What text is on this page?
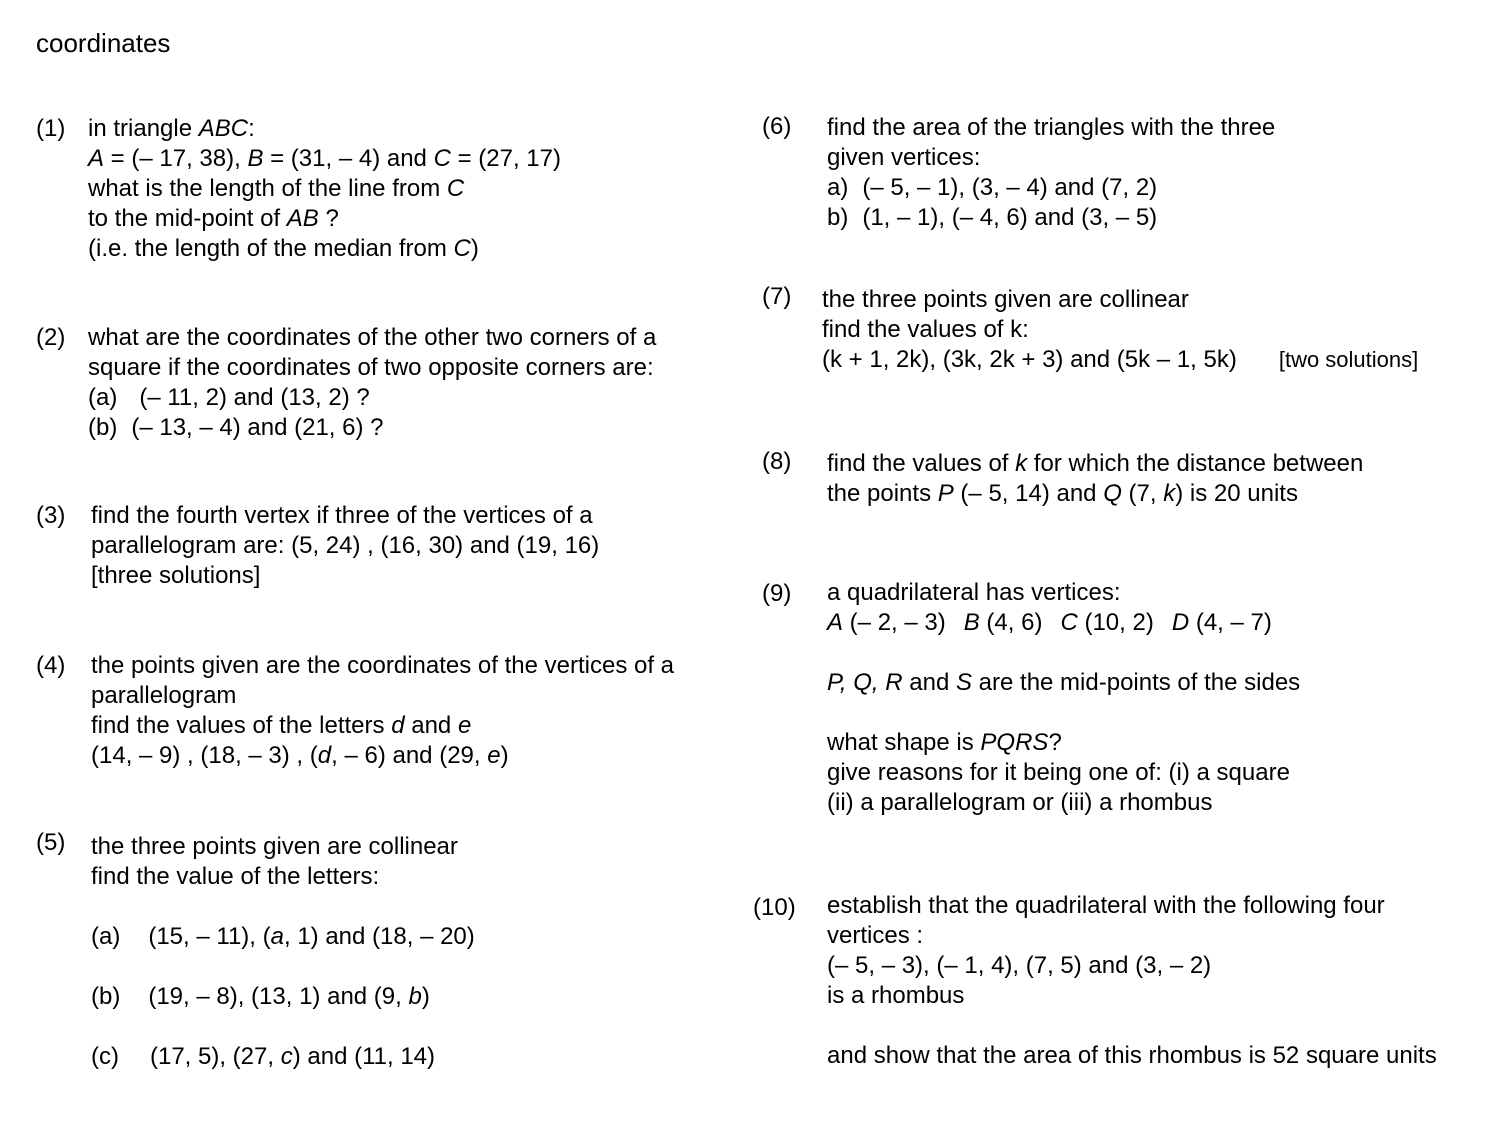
coordinates
(1) in triangle ABC:
A = (– 17, 38), B = (31, – 4) and C = (27, 17)
what is the length of the line from C
to the mid-point of AB ?
(i.e. the length of the median from C)
(2) what are the coordinates of the other two corners of a
square if the coordinates of two opposite corners are:
(a) (– 11, 2) and (13, 2) ?
(b) (– 13, – 4) and (21, 6) ?
(3) find the fourth vertex if three of the vertices of a
parallelogram are: (5, 24) , (16, 30) and (19, 16)
[three solutions]
(4) the points given are the coordinates of the vertices of a
parallelogram
find the values of the letters d and e
(14, – 9) , (18, – 3) , (d, – 6) and (29, e)
(5) the three points given are collinear
find the value of the letters:
(a) (15, – 11), (a, 1) and (18, – 20)
(b) (19, – 8), (13, 1) and (9, b)
(c) (17, 5), (27, c) and (11, 14)
(6) find the area of the triangles with the three
given vertices:
a) (– 5, – 1), (3, – 4) and (7, 2)
b) (1, – 1), (– 4, 6) and (3, – 5)
(7) the three points given are collinear
find the values of k:
(k + 1, 2k), (3k, 2k + 3) and (5k – 1, 5k) [two solutions]
(8) find the values of k for which the distance between
the points P (– 5, 14) and Q (7, k) is 20 units
(9) a quadrilateral has vertices:
A (– 2, – 3) B (4, 6) C (10, 2) D (4, – 7)
P, Q, R and S are the mid-points of the sides
what shape is PQRS?
give reasons for it being one of: (i) a square
(ii) a parallelogram or (iii) a rhombus
(10) establish that the quadrilateral with the following four
vertices :
(– 5, – 3), (– 1, 4), (7, 5) and (3, – 2)
is a rhombus
and show that the area of this rhombus is 52 square units
